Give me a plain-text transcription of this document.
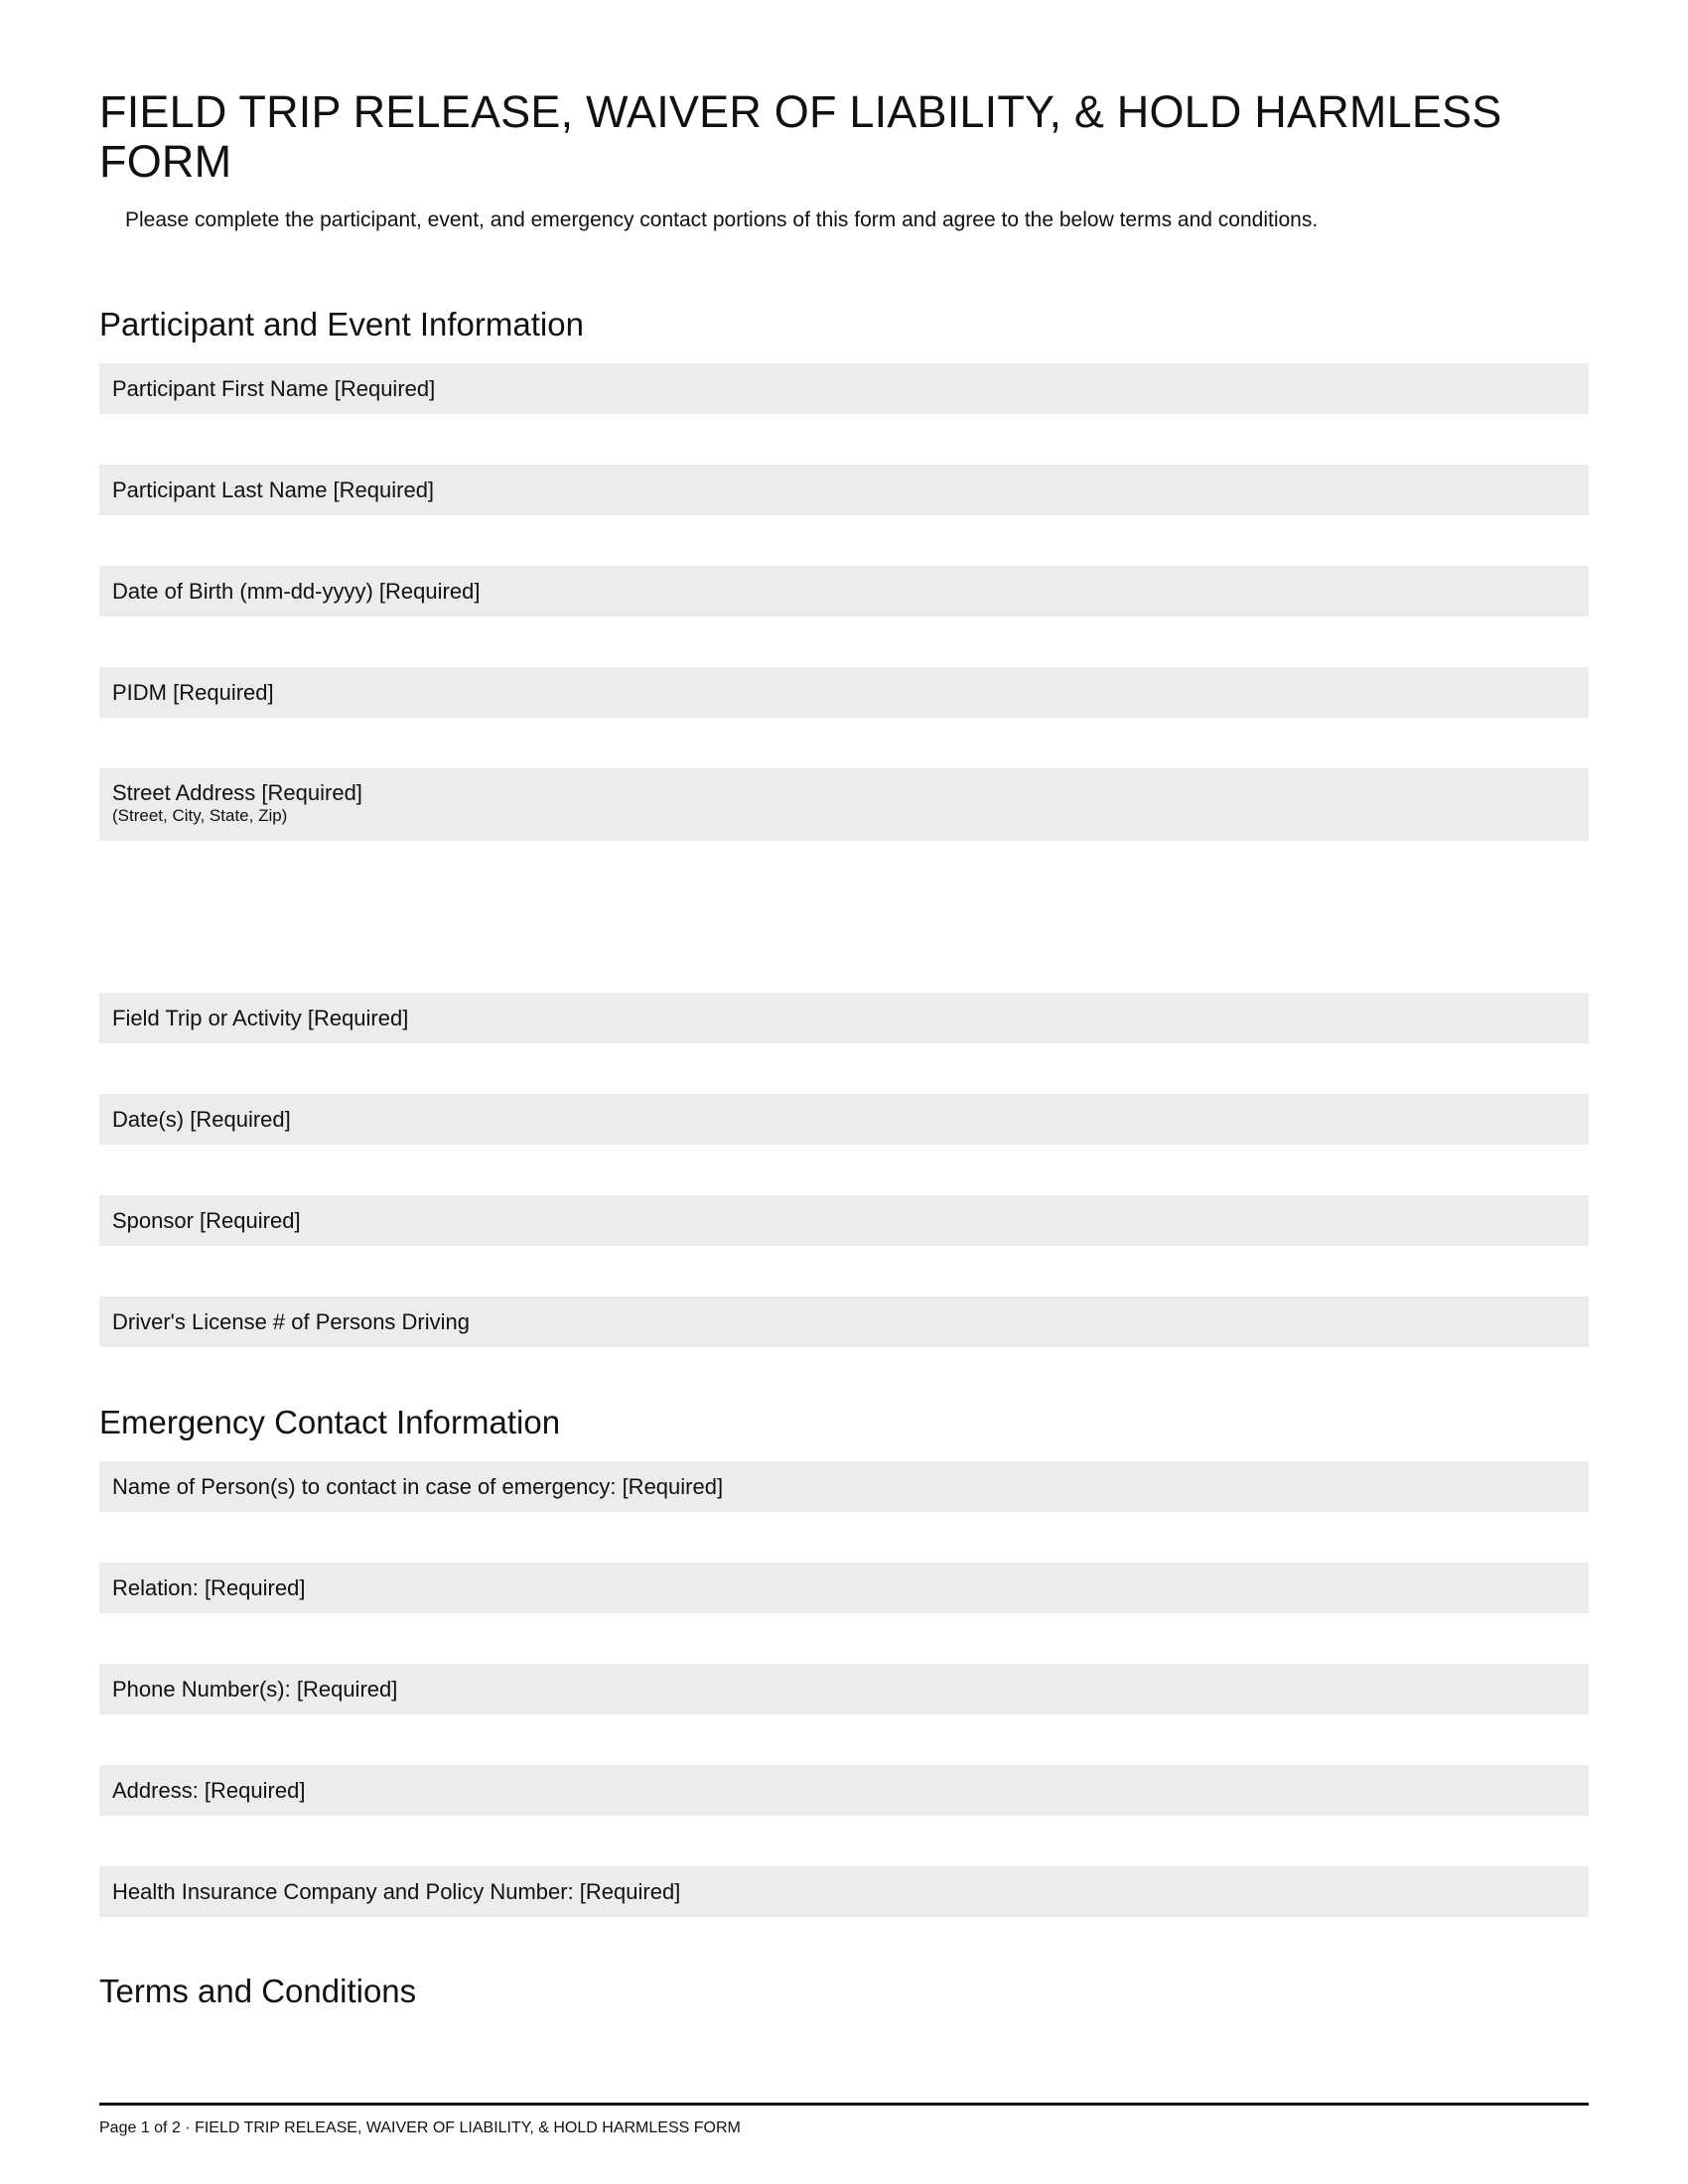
FIELD TRIP RELEASE, WAIVER OF LIABILITY, & HOLD HARMLESS FORM

Please complete the participant, event, and emergency contact portions of this form and agree to the below terms and conditions.

Participant and Event Information
Participant First Name [Required]
Participant Last Name [Required]
Date of Birth (mm-dd-yyyy) [Required]
PIDM [Required]
Street Address [Required]
(Street, City, State, Zip)
Field Trip or Activity [Required]
Date(s) [Required]
Sponsor [Required]
Driver's License # of Persons Driving
Emergency Contact Information
Name of Person(s) to contact in case of emergency: [Required]
Relation: [Required]
Phone Number(s): [Required]
Address: [Required]
Health Insurance Company and Policy Number: [Required]
Terms and Conditions

Page 1 of 2 · FIELD TRIP RELEASE, WAIVER OF LIABILITY, & HOLD HARMLESS FORM
